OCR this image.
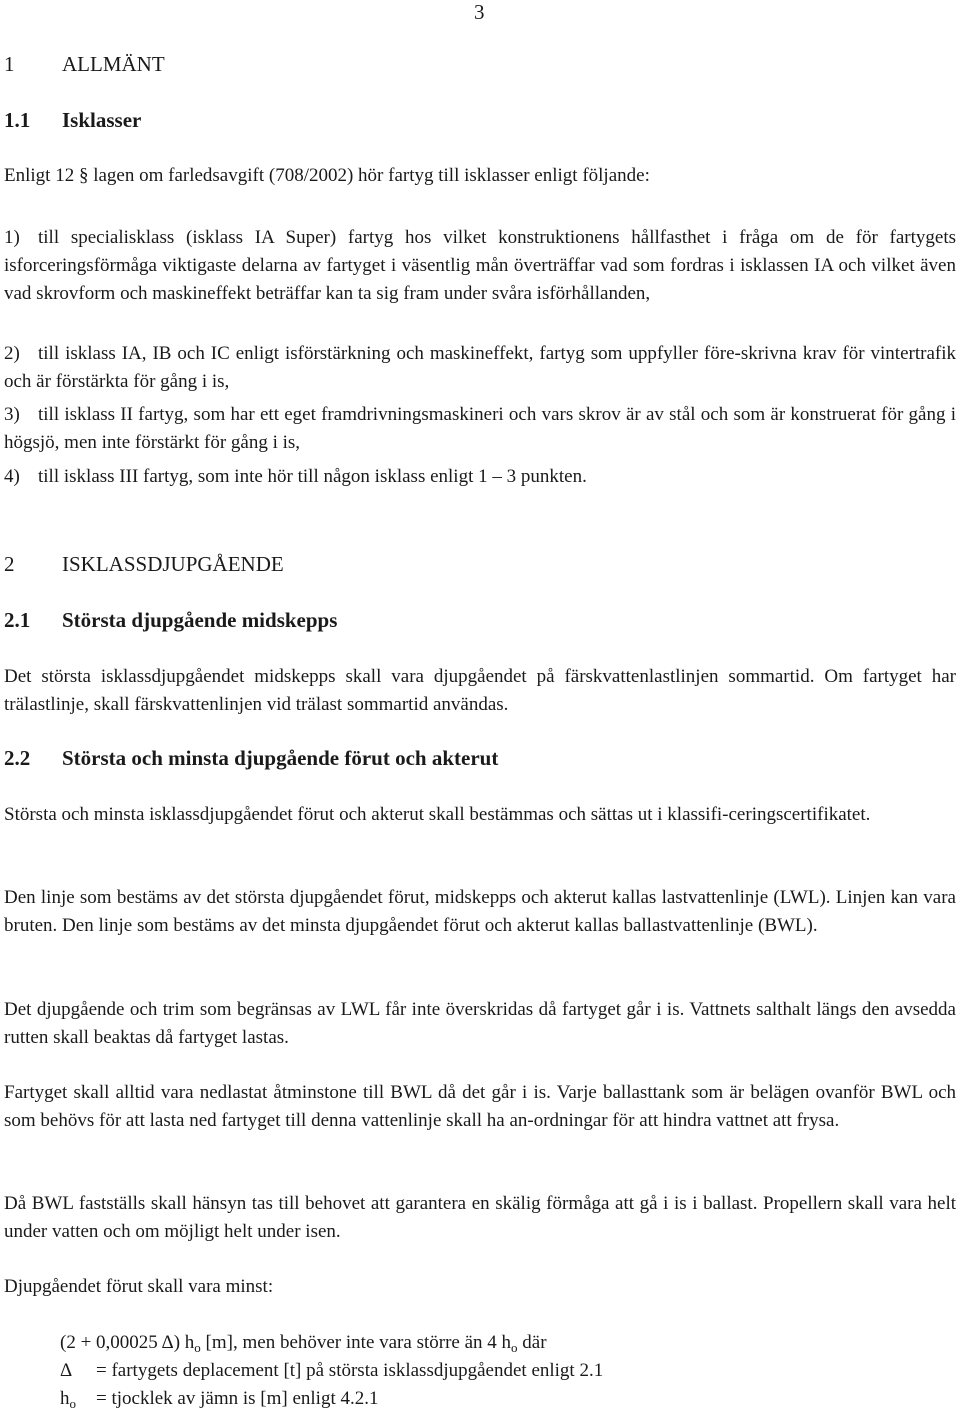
3
1 ALLMÄNT
1.1 Isklasser
Enligt 12 § lagen om farledsavgift (708/2002) hör fartyg till isklasser enligt följande:
1) till specialisklass (isklass IA Super) fartyg hos vilket konstruktionens hållfasthet i fråga om de för fartygets isforceringsförmåga viktigaste delarna av fartyget i väsentlig mån överträffar vad som fordras i isklassen IA och vilket även vad skrovform och maskineffekt beträffar kan ta sig fram under svåra isförhållanden,
2) till isklass IA, IB och IC enligt isförstärkning och maskineffekt, fartyg som uppfyller före-skrivna krav för vintertrafik och är förstärkta för gång i is,
3) till isklass II fartyg, som har ett eget framdrivningsmaskineri och vars skrov är av stål och som är konstruerat för gång i högsjö, men inte förstärkt för gång i is,
4) till isklass III fartyg, som inte hör till någon isklass enligt 1 – 3 punkten.
2 ISKLASSDJUPGÅENDE
2.1 Största djupgående midskepps
Det största isklassdjupgåendet midskepps skall vara djupgåendet på färskvattenlastlinjen sommartid. Om fartyget har trälastlinje, skall färskvattenlinjen vid trälast sommartid användas.
2.2 Största och minsta djupgående förut och akterut
Största och minsta isklassdjupgåendet förut och akterut skall bestämmas och sättas ut i klassifi-ceringscertifikatet.
Den linje som bestäms av det största djupgåendet förut, midskepps och akterut kallas lastvattenlinje (LWL). Linjen kan vara bruten. Den linje som bestäms av det minsta djupgåendet förut och akterut kallas ballastvattenlinje (BWL).
Det djupgående och trim som begränsas av LWL får inte överskridas då fartyget går i is. Vattnets salthalt längs den avsedda rutten skall beaktas då fartyget lastas.
Fartyget skall alltid vara nedlastat åtminstone till BWL då det går i is. Varje ballasttank som är belägen ovanför BWL och som behövs för att lasta ned fartyget till denna vattenlinje skall ha an-ordningar för att hindra vattnet att frysa.
Då BWL fastställs skall hänsyn tas till behovet att garantera en skälig förmåga att gå i is i ballast. Propellern skall vara helt under vatten och om möjligt helt under isen.
Djupgåendet förut skall vara minst:
(2 + 0,00025 Δ) $h_o$ [m], men behöver inte vara större än 4 $h_o$ där
Δ = fartygets deplacement [t] på största isklassdjupgåendet enligt 2.1
$h_o$ = tjocklek av jämn is [m] enligt 4.2.1
